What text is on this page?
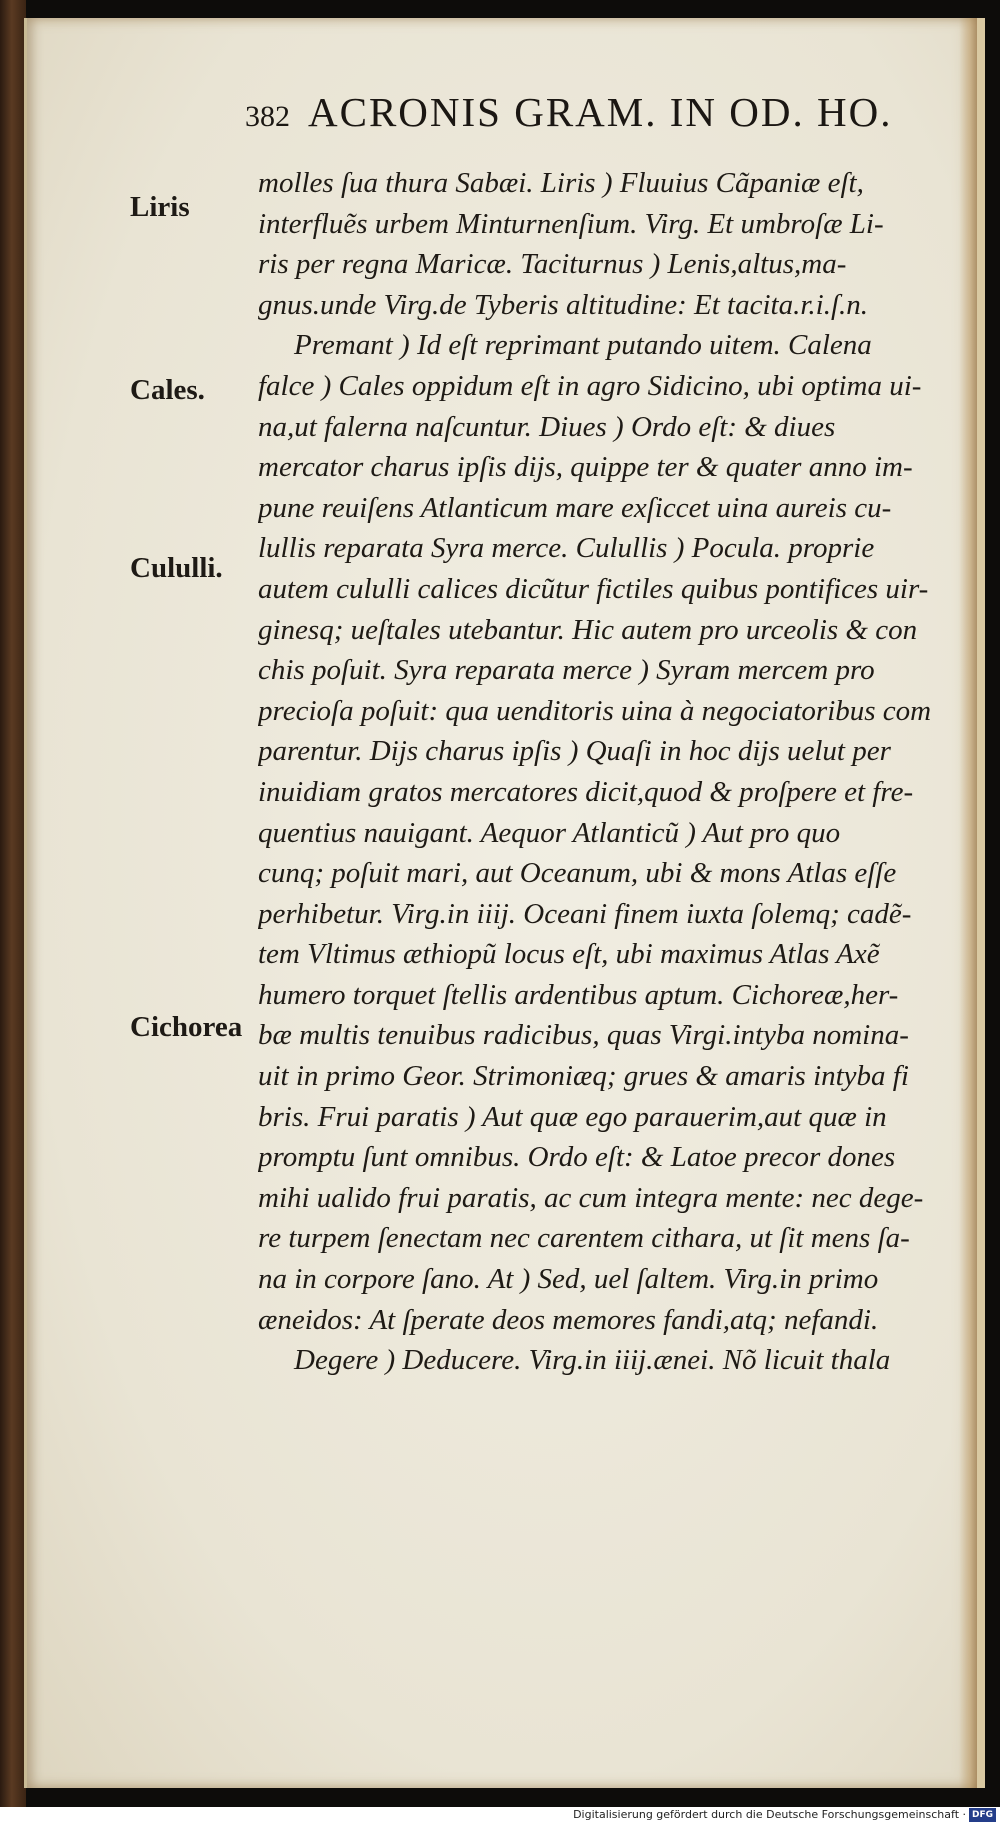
382 ACRONIS GRAM. IN OD. HO.
Liris
Cales.
Cululli.
Cichorea
molles ſua thura Sabæi. Liris ) Fluuius Cãpaniæ eſt,
interfluẽs urbem Minturnenſium. Virg. Et umbroſæ Li-
ris per regna Maricæ. Taciturnus ) Lenis,altus,ma-
gnus.unde Virg.de Tyberis altitudine: Et tacita.r.i.ſ.n.
Premant ) Id eſt reprimant putando uitem. Calena
falce ) Cales oppidum eſt in agro Sidicino, ubi optima ui-
na,ut falerna naſcuntur. Diues ) Ordo eſt: & diues
mercator charus ipſis dijs, quippe ter & quater anno im-
pune reuiſens Atlanticum mare exſiccet uina aureis cu-
lullis reparata Syra merce. Culullis ) Pocula. proprie
autem cululli calices dicũtur fictiles quibus pontifices uir-
ginesq; ueſtales utebantur. Hic autem pro urceolis & con
chis poſuit. Syra reparata merce ) Syram mercem pro
precioſa poſuit: qua uenditoris uina à negociatoribus com
parentur. Dijs charus ipſis ) Quaſi in hoc dijs uelut per
inuidiam gratos mercatores dicit,quod & proſpere et fre-
quentius nauigant. Aequor Atlanticũ ) Aut pro quo
cunq; poſuit mari, aut Oceanum, ubi & mons Atlas eſſe
perhibetur. Virg.in iiij. Oceani finem iuxta ſolemq; cadẽ-
tem Vltimus æthiopũ locus eſt, ubi maximus Atlas Axẽ
humero torquet ſtellis ardentibus aptum. Cichoreæ,her-
bæ multis tenuibus radicibus, quas Virgi.intyba nomina-
uit in primo Geor. Strimoniæq; grues & amaris intyba fi
bris. Frui paratis ) Aut quæ ego parauerim,aut quæ in
promptu ſunt omnibus. Ordo eſt: & Latoe precor dones
mihi ualido frui paratis, ac cum integra mente: nec dege-
re turpem ſenectam nec carentem cithara, ut ſit mens ſa-
na in corpore ſano. At ) Sed, uel ſaltem. Virg.in primo
æneidos: At ſperate deos memores fandi,atq; nefandi.
Degere ) Deducere. Virg.in iiij.ænei. Nõ licuit thala
Digitalisierung gefördert durch die Deutsche Forschungsgemeinschaft · DFG
